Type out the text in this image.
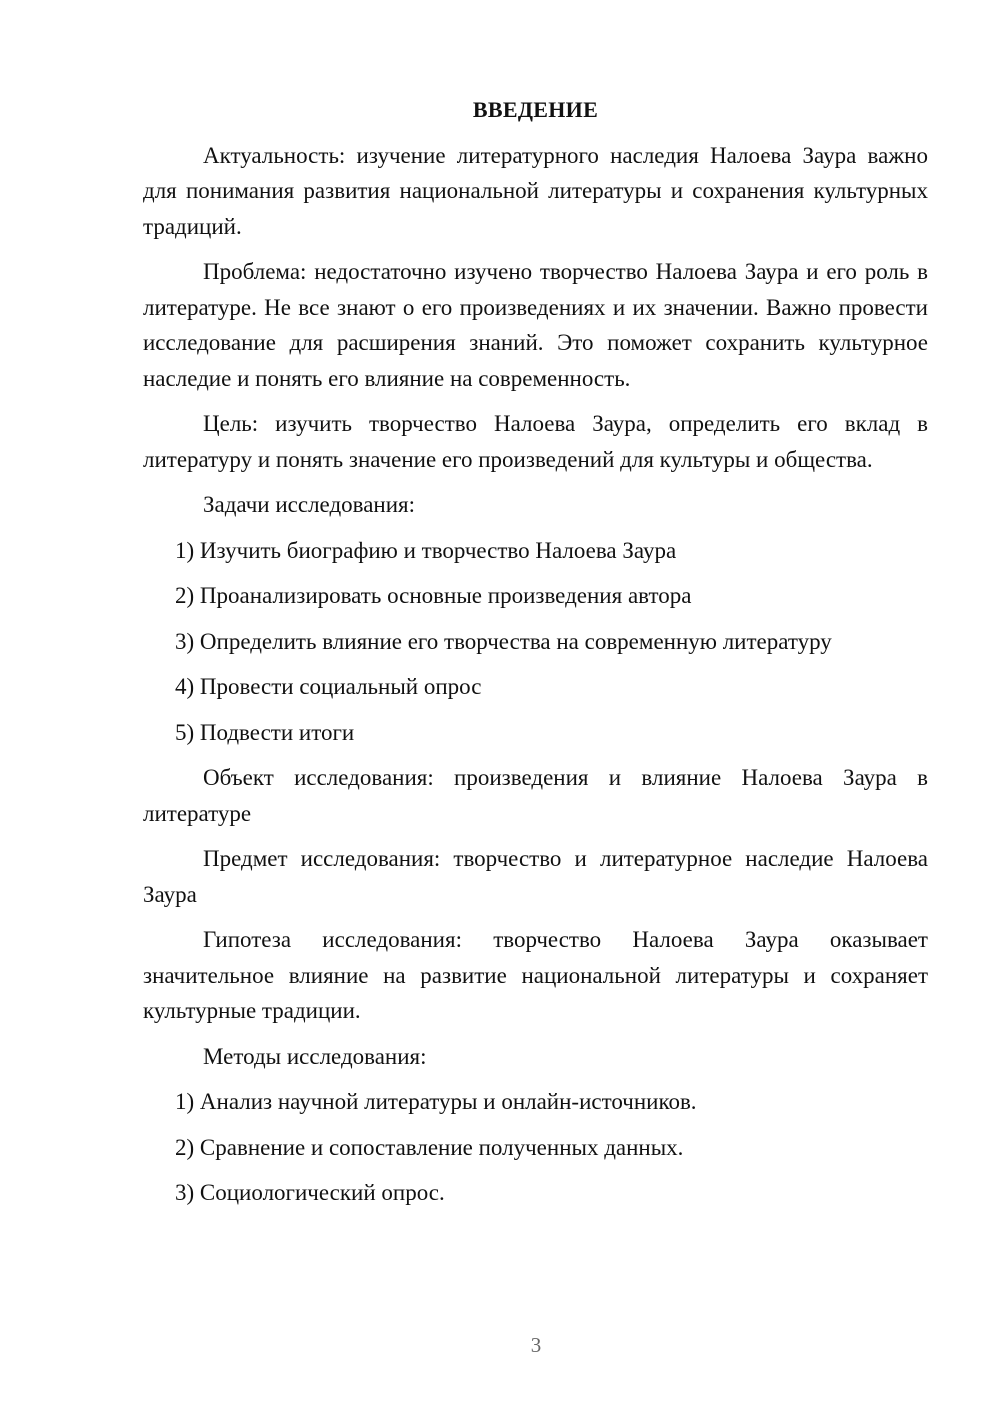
ВВЕДЕНИЕ

Актуальность: изучение литературного наследия Налоева Заура важно для понимания развития национальной литературы и сохранения культурных традиций.

Проблема: недостаточно изучено творчество Налоева Заура и его роль в литературе. Не все знают о его произведениях и их значении. Важно провести исследование для расширения знаний. Это поможет сохранить культурное наследие и понять его влияние на современность.

Цель: изучить творчество Налоева Заура, определить его вклад в литературу и понять значение его произведений для культуры и общества.

Задачи исследования:

1) Изучить биографию и творчество Налоева Заура

2) Проанализировать основные произведения автора

3) Определить влияние его творчества на современную литературу

4) Провести социальный опрос

5) Подвести итоги

Объект исследования: произведения и влияние Налоева Заура в литературе

Предмет исследования: творчество и литературное наследие Налоева Заура

Гипотеза исследования: творчество Налоева Заура оказывает значительное влияние на развитие национальной литературы и сохраняет культурные традиции.

Методы исследования:

1) Анализ научной литературы и онлайн-источников.

2) Сравнение и сопоставление полученных данных.

3) Социологический опрос.

3
